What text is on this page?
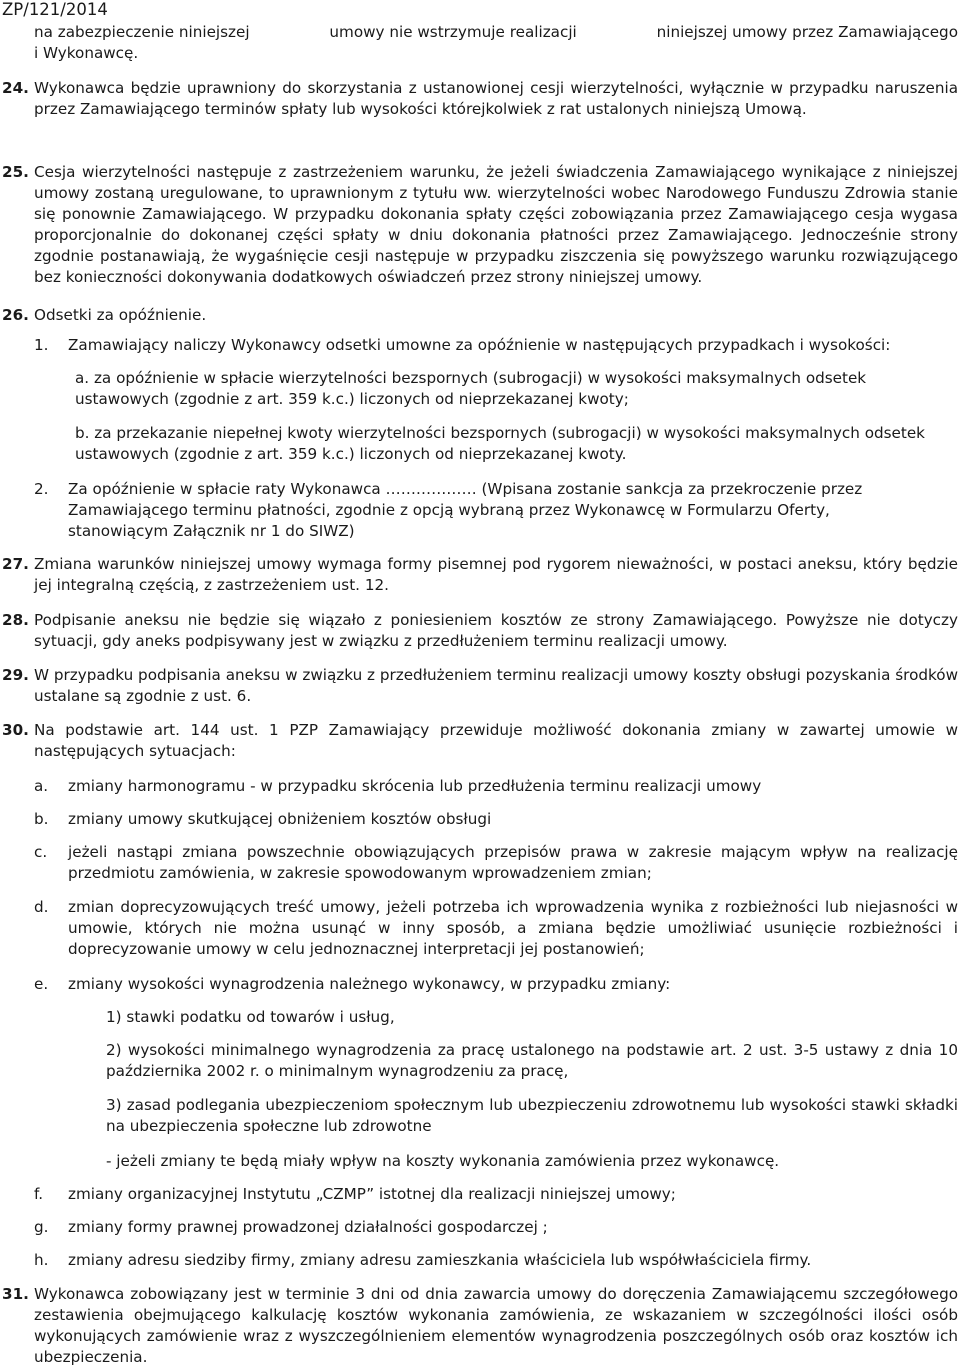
ZP/121/2014
na zabezpieczenie niniejszej	umowy nie wstrzymuje realizacji	niniejszej umowy przez Zamawiającego
i Wykonawcę.
24. Wykonawca będzie uprawniony do skorzystania z ustanowionej cesji wierzytelności, wyłącznie w przypadku naruszenia przez Zamawiającego terminów spłaty lub wysokości którejkolwiek z rat ustalonych niniejszą Umową.
25. Cesja wierzytelności następuje z zastrzeżeniem warunku, że jeżeli świadczenia Zamawiającego wynikające z niniejszej umowy zostaną uregulowane, to uprawnionym z tytułu ww. wierzytelności wobec Narodowego Funduszu Zdrowia stanie się ponownie Zamawiającego. W przypadku dokonania spłaty części zobowiązania przez Zamawiającego cesja wygasa proporcjonalnie do dokonanej części spłaty w dniu dokonania płatności przez Zamawiającego. Jednocześnie strony zgodnie postanawiają, że wygaśnięcie cesji następuje w przypadku ziszczenia się powyższego warunku rozwiązującego bez konieczności dokonywania dodatkowych oświadczeń przez strony niniejszej umowy.
26. Odsetki za opóźnienie.
1. Zamawiający naliczy Wykonawcy odsetki umowne za opóźnienie w następujących przypadkach i wysokości:
a. za opóźnienie w spłacie wierzytelności bezspornych (subrogacji) w wysokości maksymalnych odsetek ustawowych (zgodnie z art. 359 k.c.) liczonych od nieprzekazanej kwoty;
b. za przekazanie niepełnej kwoty wierzytelności bezspornych (subrogacji) w wysokości maksymalnych odsetek ustawowych (zgodnie z art. 359 k.c.) liczonych od nieprzekazanej kwoty.
2. Za opóźnienie w spłacie raty Wykonawca ……………… (Wpisana zostanie sankcja za przekroczenie przez Zamawiającego terminu płatności, zgodnie z opcją wybraną przez Wykonawcę w Formularzu Oferty, stanowiącym Załącznik nr 1 do SIWZ)
27. Zmiana warunków niniejszej umowy wymaga formy pisemnej pod rygorem nieważności, w postaci aneksu, który będzie jej integralną częścią, z zastrzeżeniem ust. 12.
28. Podpisanie aneksu nie będzie się wiązało z poniesieniem kosztów ze strony Zamawiającego. Powyższe nie dotyczy sytuacji, gdy aneks podpisywany jest w związku z przedłużeniem terminu realizacji umowy.
29. W przypadku podpisania aneksu w związku z przedłużeniem terminu realizacji umowy koszty obsługi pozyskania środków ustalane są zgodnie z ust. 6.
30. Na podstawie art. 144 ust. 1 PZP Zamawiający przewiduje możliwość dokonania zmiany w zawartej umowie w następujących sytuacjach:
a. zmiany harmonogramu - w przypadku skrócenia lub przedłużenia terminu realizacji umowy
b. zmiany umowy skutkującej obniżeniem kosztów obsługi
c. jeżeli nastąpi zmiana powszechnie obowiązujących przepisów prawa w zakresie mającym wpływ na realizację przedmiotu zamówienia, w zakresie spowodowanym wprowadzeniem zmian;
d. zmian doprecyzowujących treść umowy, jeżeli potrzeba ich wprowadzenia wynika z rozbieżności lub niejasności w umowie, których nie można usunąć w inny sposób, a zmiana będzie umożliwiać usunięcie rozbieżności i doprecyzowanie umowy w celu jednoznacznej interpretacji jej postanowień;
e. zmiany wysokości wynagrodzenia należnego wykonawcy, w przypadku zmiany:
1) stawki podatku od towarów i usług,
2) wysokości minimalnego wynagrodzenia za pracę ustalonego na podstawie art. 2 ust. 3-5 ustawy z dnia 10 października 2002 r. o minimalnym wynagrodzeniu za pracę,
3) zasad podlegania ubezpieczeniom społecznym lub ubezpieczeniu zdrowotnemu lub wysokości stawki składki na ubezpieczenia społeczne lub zdrowotne
- jeżeli zmiany te będą miały wpływ na koszty wykonania zamówienia przez wykonawcę.
f. zmiany organizacyjnej Instytutu „CZMP” istotnej dla realizacji niniejszej umowy;
g. zmiany formy prawnej prowadzonej działalności gospodarczej ;
h. zmiany adresu siedziby firmy, zmiany adresu zamieszkania właściciela lub współwłaściciela firmy.
31. Wykonawca zobowiązany jest w terminie 3 dni od dnia zawarcia umowy do doręczenia Zamawiającemu szczegółowego zestawienia obejmującego kalkulację kosztów wykonania zamówienia, ze wskazaniem w szczególności ilości osób wykonujących zamówienie wraz z wyszczególnieniem elementów wynagrodzenia poszczególnych osób oraz kosztów ich ubezpieczenia.
